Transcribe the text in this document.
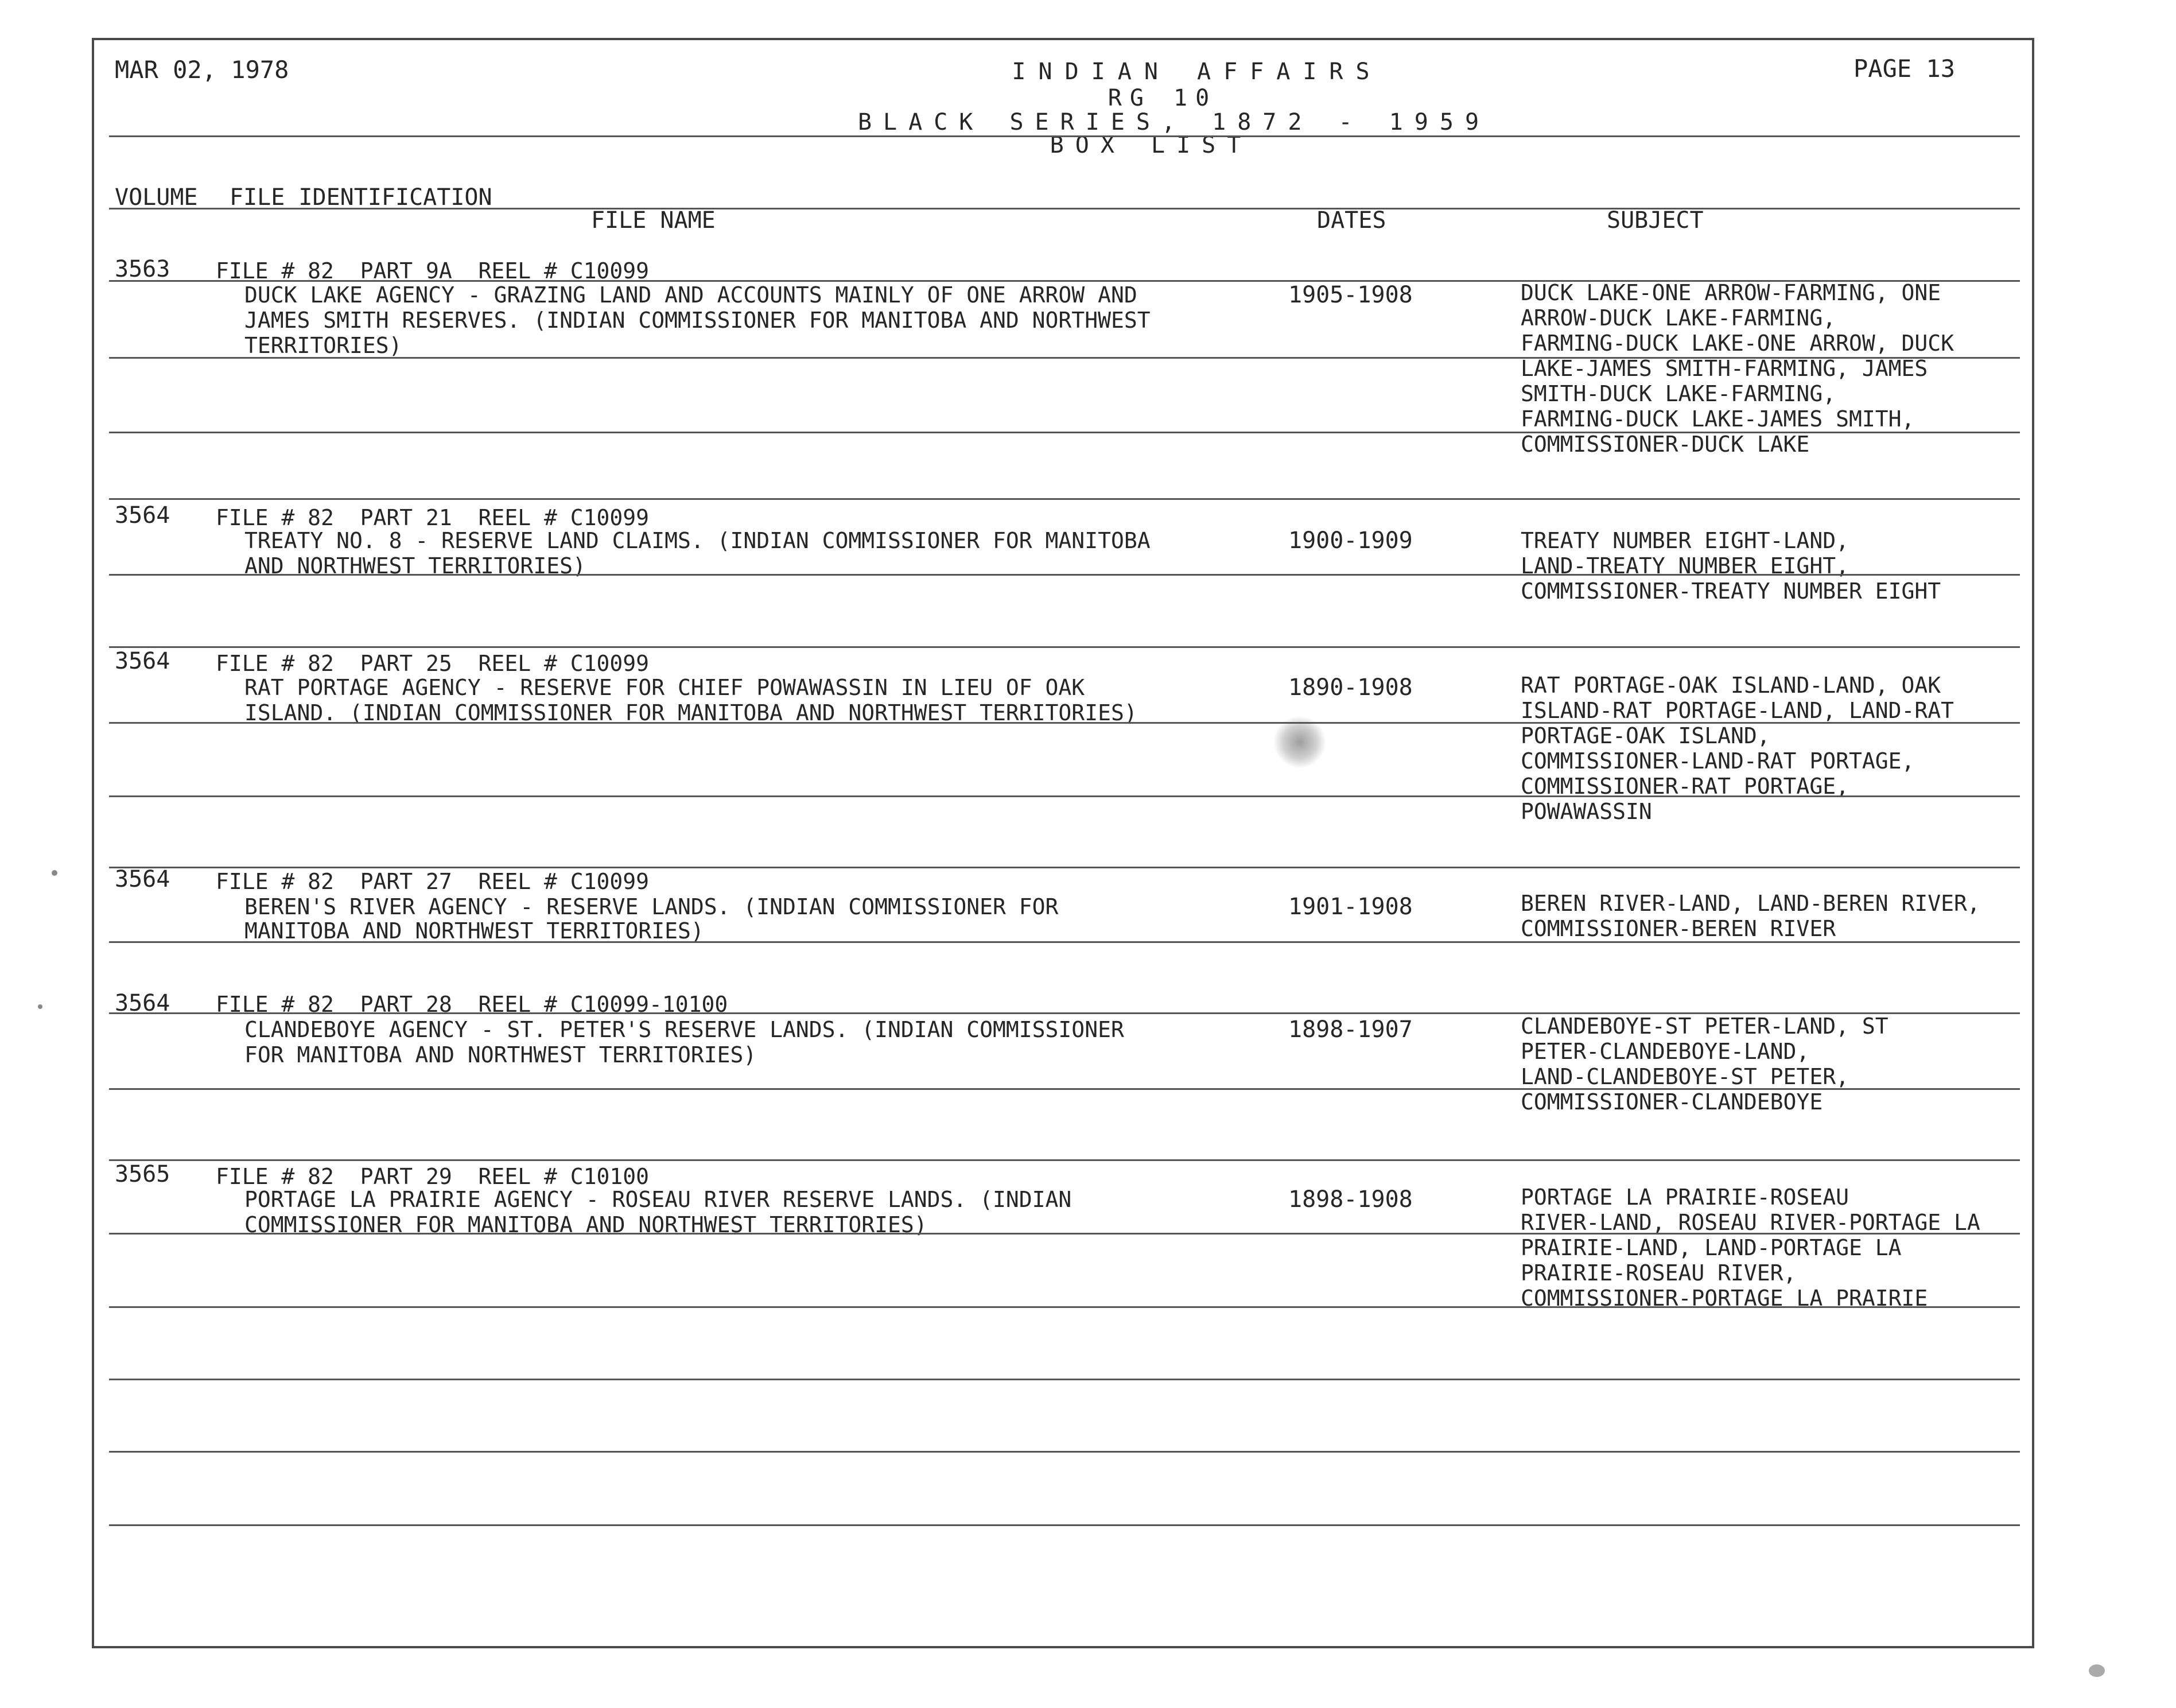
MAR 02, 1978	PAGE 13
INDIAN AFFAIRS
RG 10
BLACK SERIES, 1872 - 1959
BOX LIST
VOLUME FILE IDENTIFICATION
FILE NAME	DATES	SUBJECT
3563 FILE # 82  PART 9A  REEL # C10099
DUCK LAKE AGENCY - GRAZING LAND AND ACCOUNTS MAINLY OF ONE ARROW AND
JAMES SMITH RESERVES. (INDIAN COMMISSIONER FOR MANITOBA AND NORTHWEST
TERRITORIES)
1905-1908	DUCK LAKE-ONE ARROW-FARMING, ONE
ARROW-DUCK LAKE-FARMING,
FARMING-DUCK LAKE-ONE ARROW, DUCK
LAKE-JAMES SMITH-FARMING, JAMES
SMITH-DUCK LAKE-FARMING,
FARMING-DUCK LAKE-JAMES SMITH,
COMMISSIONER-DUCK LAKE
3564 FILE # 82  PART 21  REEL # C10099
TREATY NO. 8 - RESERVE LAND CLAIMS. (INDIAN COMMISSIONER FOR MANITOBA
AND NORTHWEST TERRITORIES)
1900-1909	TREATY NUMBER EIGHT-LAND,
LAND-TREATY NUMBER EIGHT,
COMMISSIONER-TREATY NUMBER EIGHT
3564 FILE # 82  PART 25  REEL # C10099
RAT PORTAGE AGENCY - RESERVE FOR CHIEF POWAWASSIN IN LIEU OF OAK
ISLAND. (INDIAN COMMISSIONER FOR MANITOBA AND NORTHWEST TERRITORIES)
1890-1908	RAT PORTAGE-OAK ISLAND-LAND, OAK
ISLAND-RAT PORTAGE-LAND, LAND-RAT
PORTAGE-OAK ISLAND,
COMMISSIONER-LAND-RAT PORTAGE,
COMMISSIONER-RAT PORTAGE,
POWAWASSIN
3564 FILE # 82  PART 27  REEL # C10099
BEREN'S RIVER AGENCY - RESERVE LANDS. (INDIAN COMMISSIONER FOR
MANITOBA AND NORTHWEST TERRITORIES)
1901-1908	BEREN RIVER-LAND, LAND-BEREN RIVER,
COMMISSIONER-BEREN RIVER
3564 FILE # 82  PART 28  REEL # C10099-10100
CLANDEBOYE AGENCY - ST. PETER'S RESERVE LANDS. (INDIAN COMMISSIONER
FOR MANITOBA AND NORTHWEST TERRITORIES)
1898-1907	CLANDEBOYE-ST PETER-LAND, ST
PETER-CLANDEBOYE-LAND,
LAND-CLANDEBOYE-ST PETER,
COMMISSIONER-CLANDEBOYE
3565 FILE # 82  PART 29  REEL # C10100
PORTAGE LA PRAIRIE AGENCY - ROSEAU RIVER RESERVE LANDS. (INDIAN
COMMISSIONER FOR MANITOBA AND NORTHWEST TERRITORIES)
1898-1908	PORTAGE LA PRAIRIE-ROSEAU
RIVER-LAND, ROSEAU RIVER-PORTAGE LA
PRAIRIE-LAND, LAND-PORTAGE LA
PRAIRIE-ROSEAU RIVER,
COMMISSIONER-PORTAGE LA PRAIRIE
